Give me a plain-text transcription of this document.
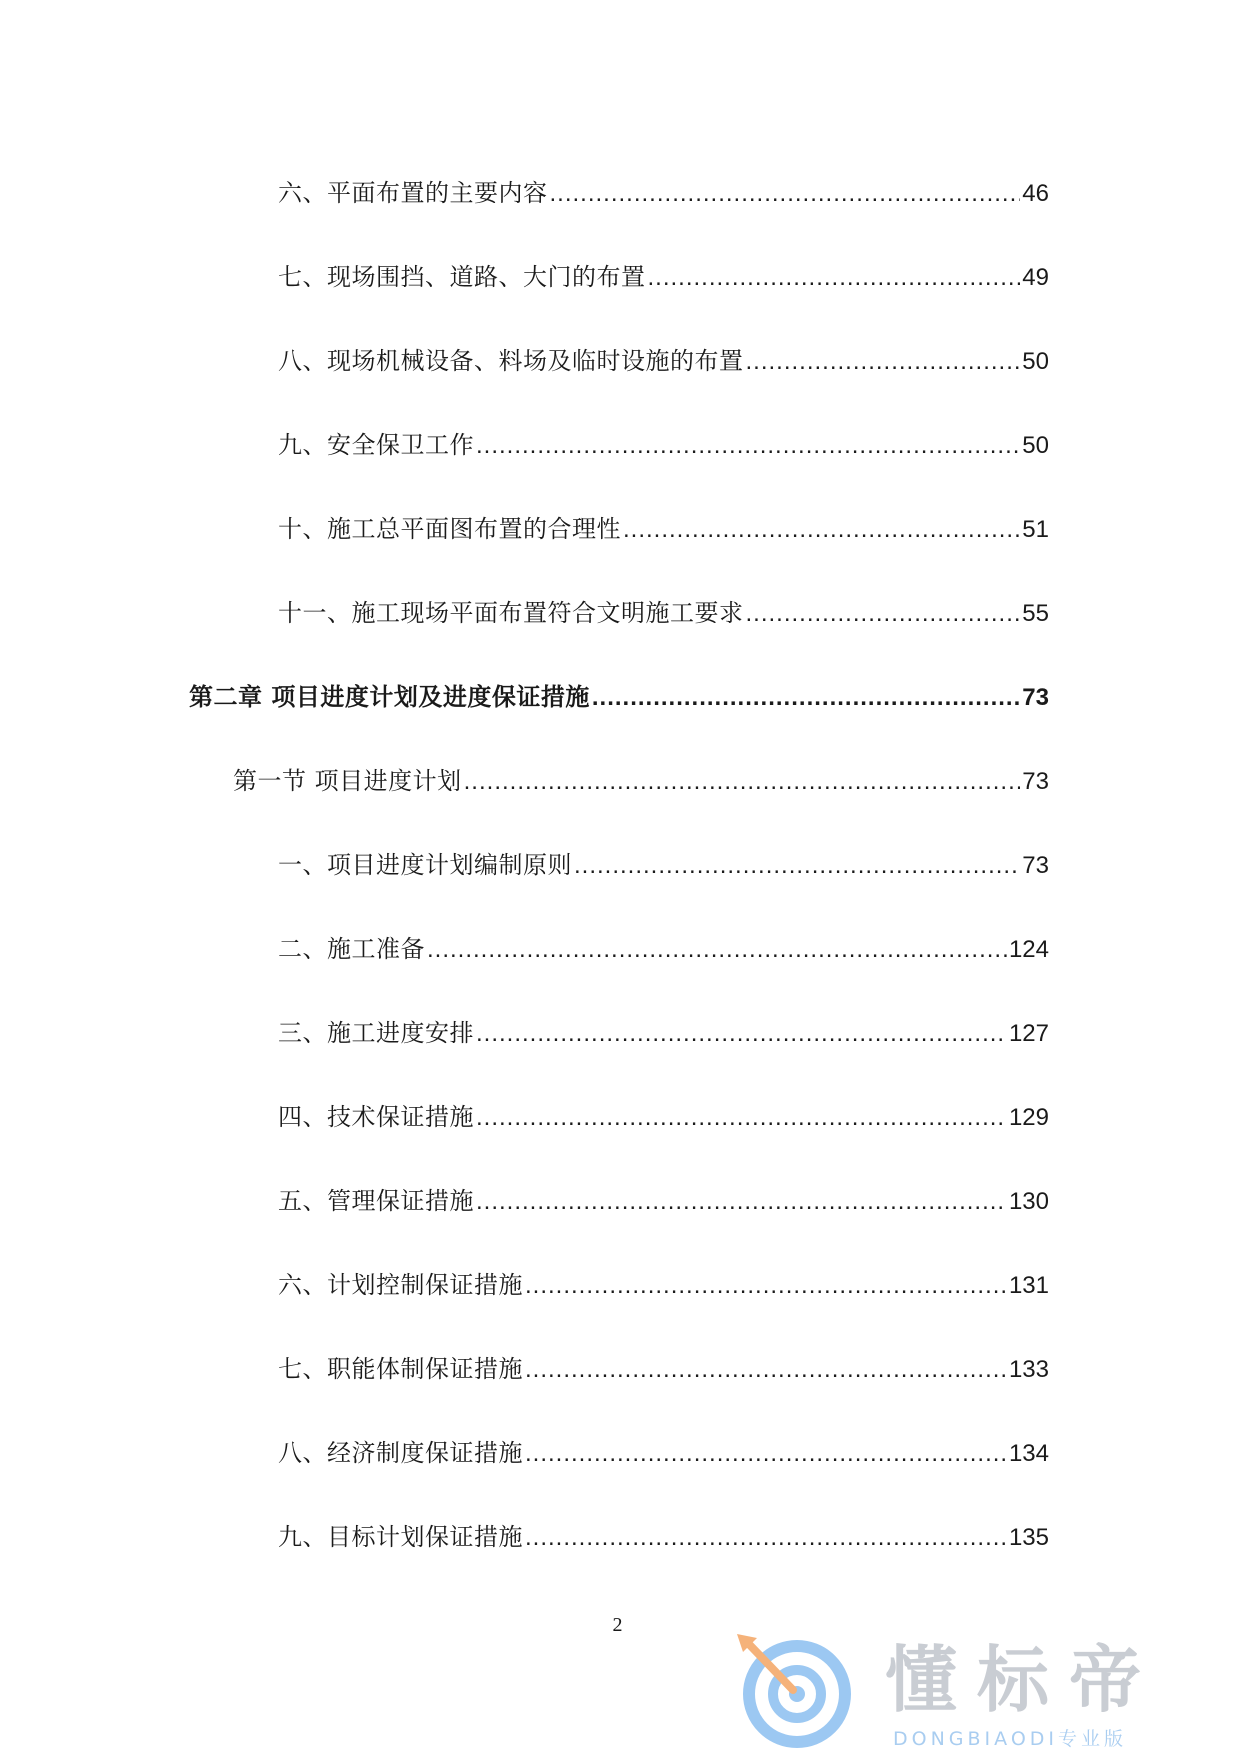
六、平面布置的主要内容 .....	46
七、现场围挡、道路、大门的布置 .....	49
八、现场机械设备、料场及临时设施的布置 .....	50
九、安全保卫工作 .....	50
十、施工总平面图布置的合理性 .....	51
十一、施工现场平面布置符合文明施工要求 .....	55
第二章 项目进度计划及进度保证措施 .....	73
第一节 项目进度计划 .....	73
一、项目进度计划编制原则 .....	73
二、施工准备 .....	124
三、施工进度安排 .....	127
四、技术保证措施 .....	129
五、管理保证措施 .....	130
六、计划控制保证措施 .....	131
七、职能体制保证措施 .....	133
八、经济制度保证措施 .....	134
九、目标计划保证措施 .....	135
2
懂标帝
DONGBIAODI专业版
